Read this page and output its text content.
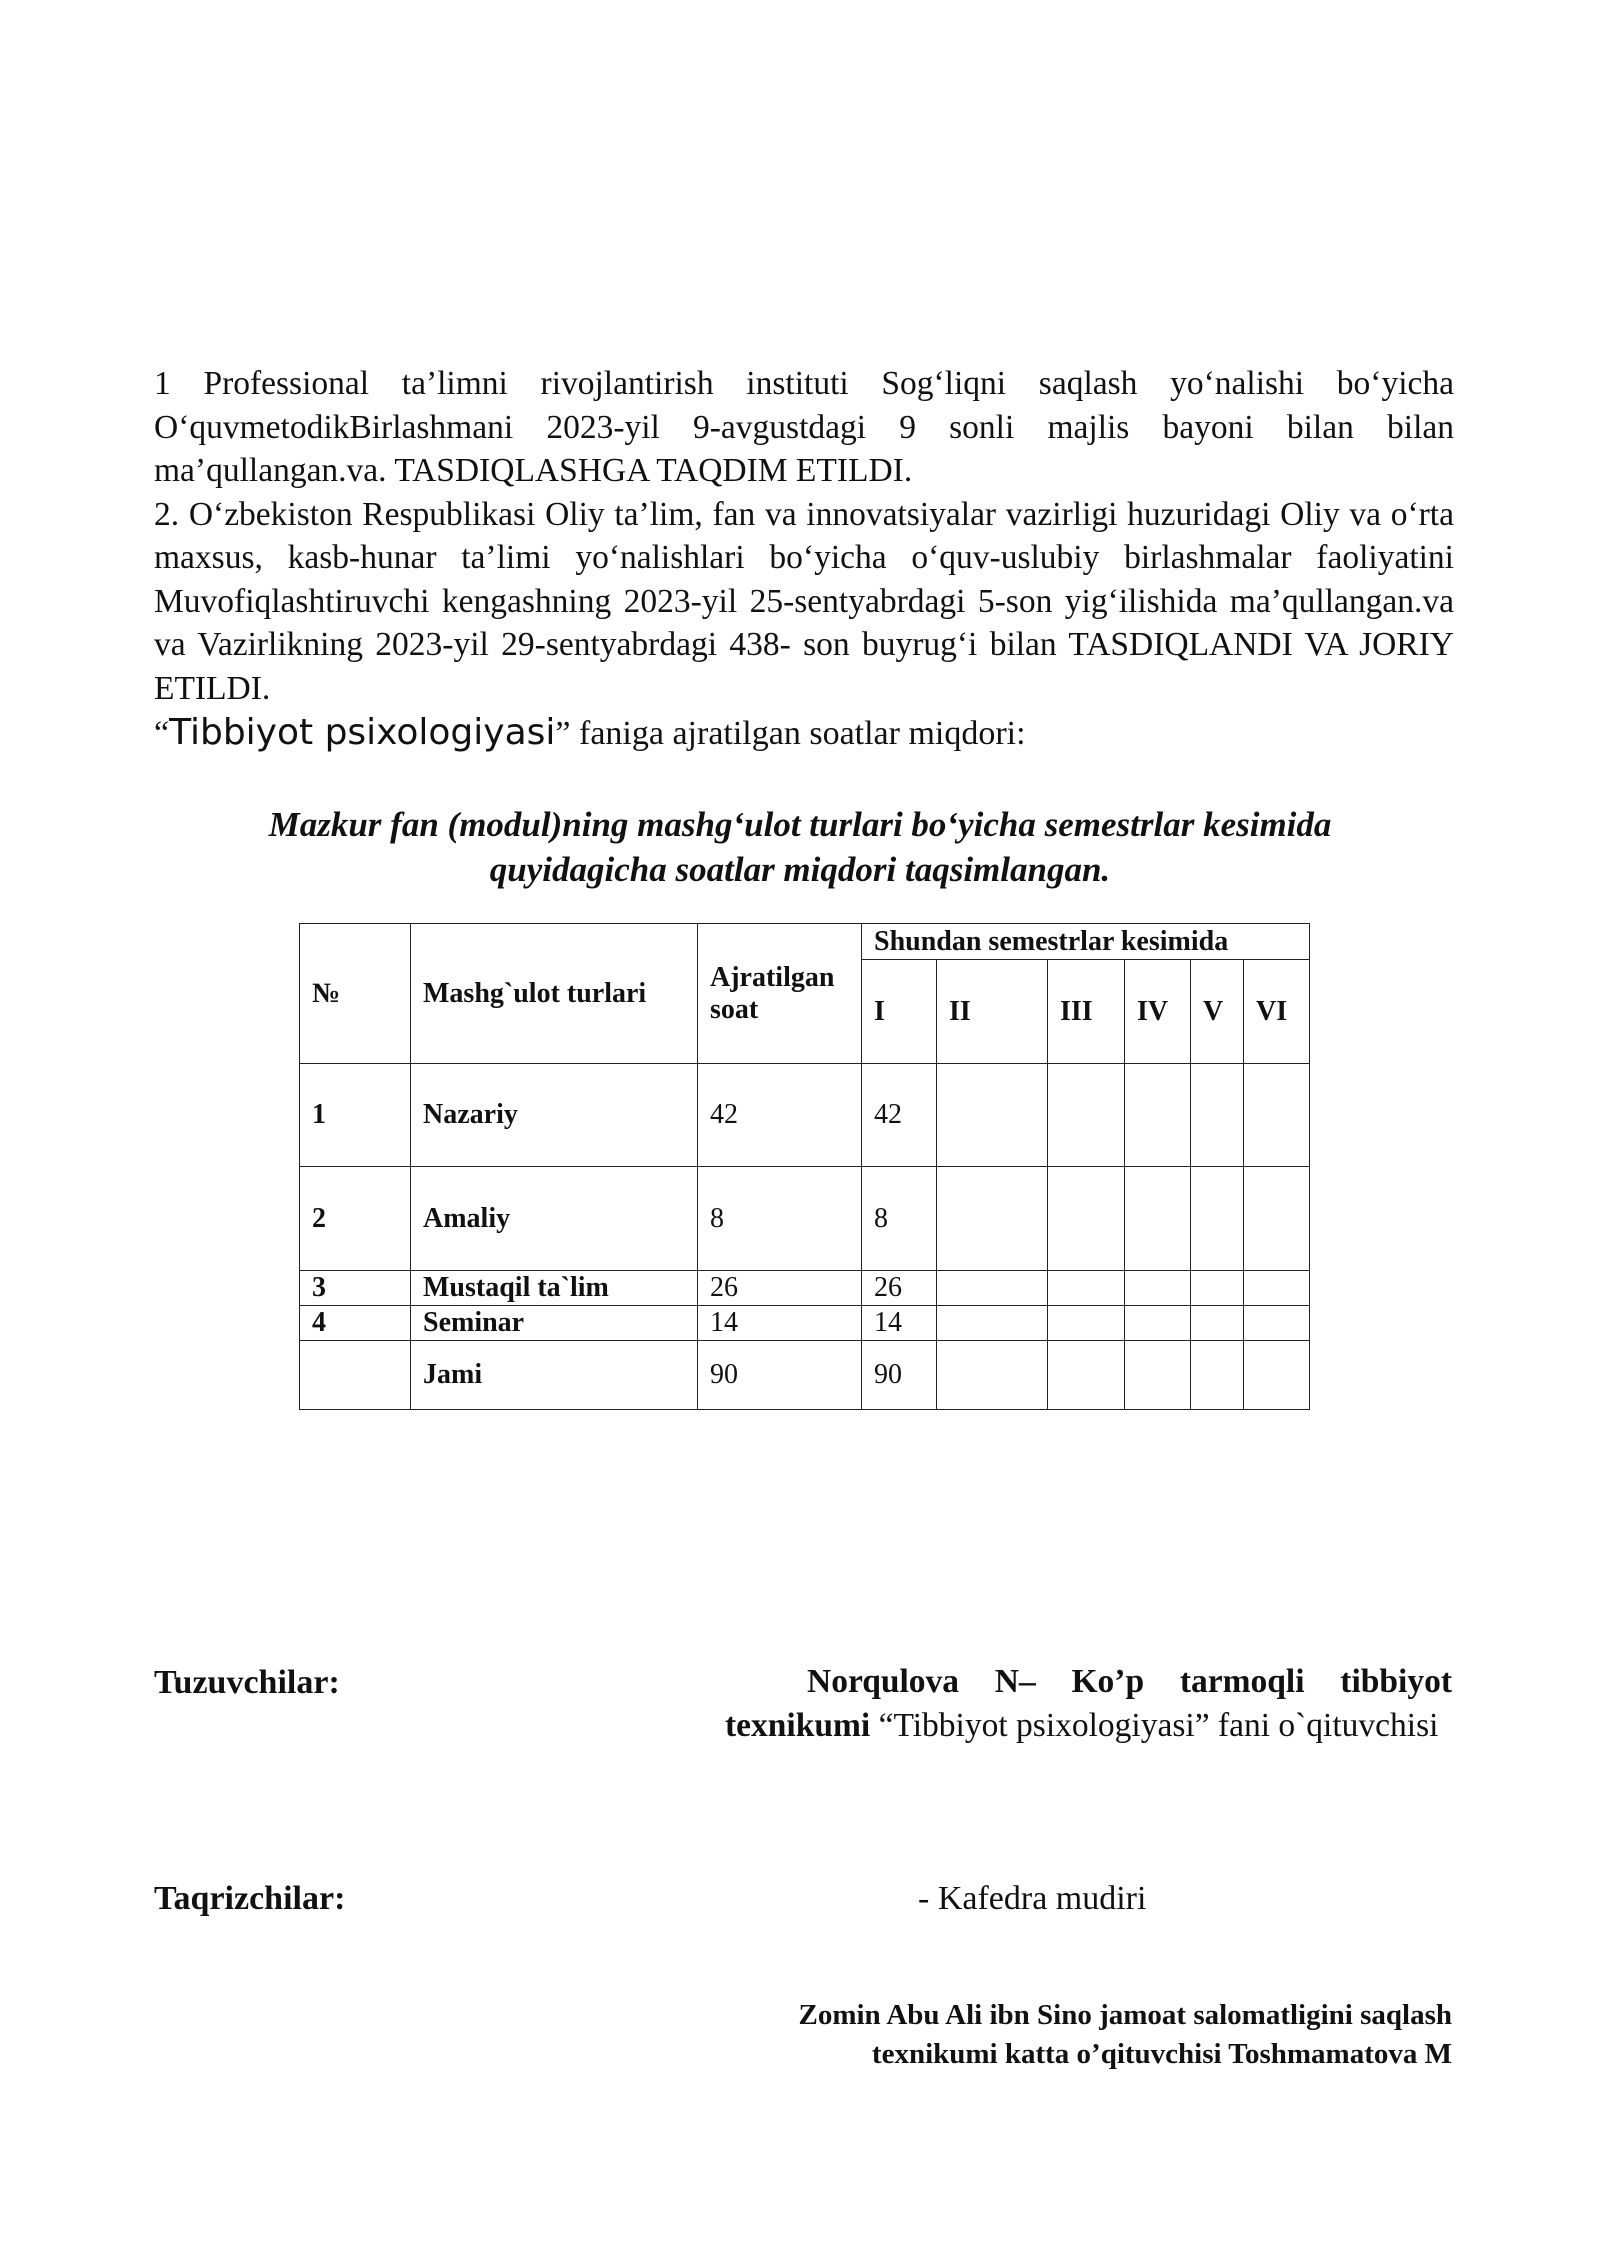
1 Professional ta’limni rivojlantirish instituti Sog‘liqni saqlash yo‘nalishi bo‘yicha O‘quvmetodikBirlashmani 2023-yil 9-avgustdagi 9 sonli majlis bayoni bilan bilan ma’qullangan.va. TASDIQLASHGA TAQDIM ETILDI.

2. O‘zbekiston Respublikasi Oliy ta’lim, fan va innovatsiyalar vazirligi huzuridagi Oliy va o‘rta maxsus, kasb-hunar ta’limi yo‘nalishlari bo‘yicha o‘quv-uslubiy birlashmalar faoliyatini Muvofiqlashtiruvchi kengashning 2023-yil 25-sentyabrdagi 5-son yig‘ilishida ma’qullangan.va va Vazirlikning 2023-yil 29-sentyabrdagi 438- son buyrug‘i bilan TASDIQLANDI VA JORIY ETILDI.

“Tibbiyot psixologiyasi” faniga ajratilgan soatlar miqdori:

Mazkur fan (modul)ning mashg‘ulot turlari bo‘yicha semestrlar kesimida
quyidagicha soatlar miqdori taqsimlangan.
№	Mashg`ulot turlari	Ajratilgan soat	Shundan semestrlar kesimida					
			I	II	III	IV	V	VI
1	Nazariy	42	42					
2	Amaliy	8	8					
3	Mustaqil ta`lim	26	26					
4	Seminar	14	14					
	Jami	90	90					
Tuzuvchilar:	Norqulova N– Ko’p tarmoqli tibbiyot texnikumi “Tibbiyot psixologiyasi” fani o`qituvchisi
Taqrizchilar:	- Kafedra mudiri
Zomin Abu Ali ibn Sino jamoat salomatligini saqlash
texnikumi katta o’qituvchisi Toshmamatova M
